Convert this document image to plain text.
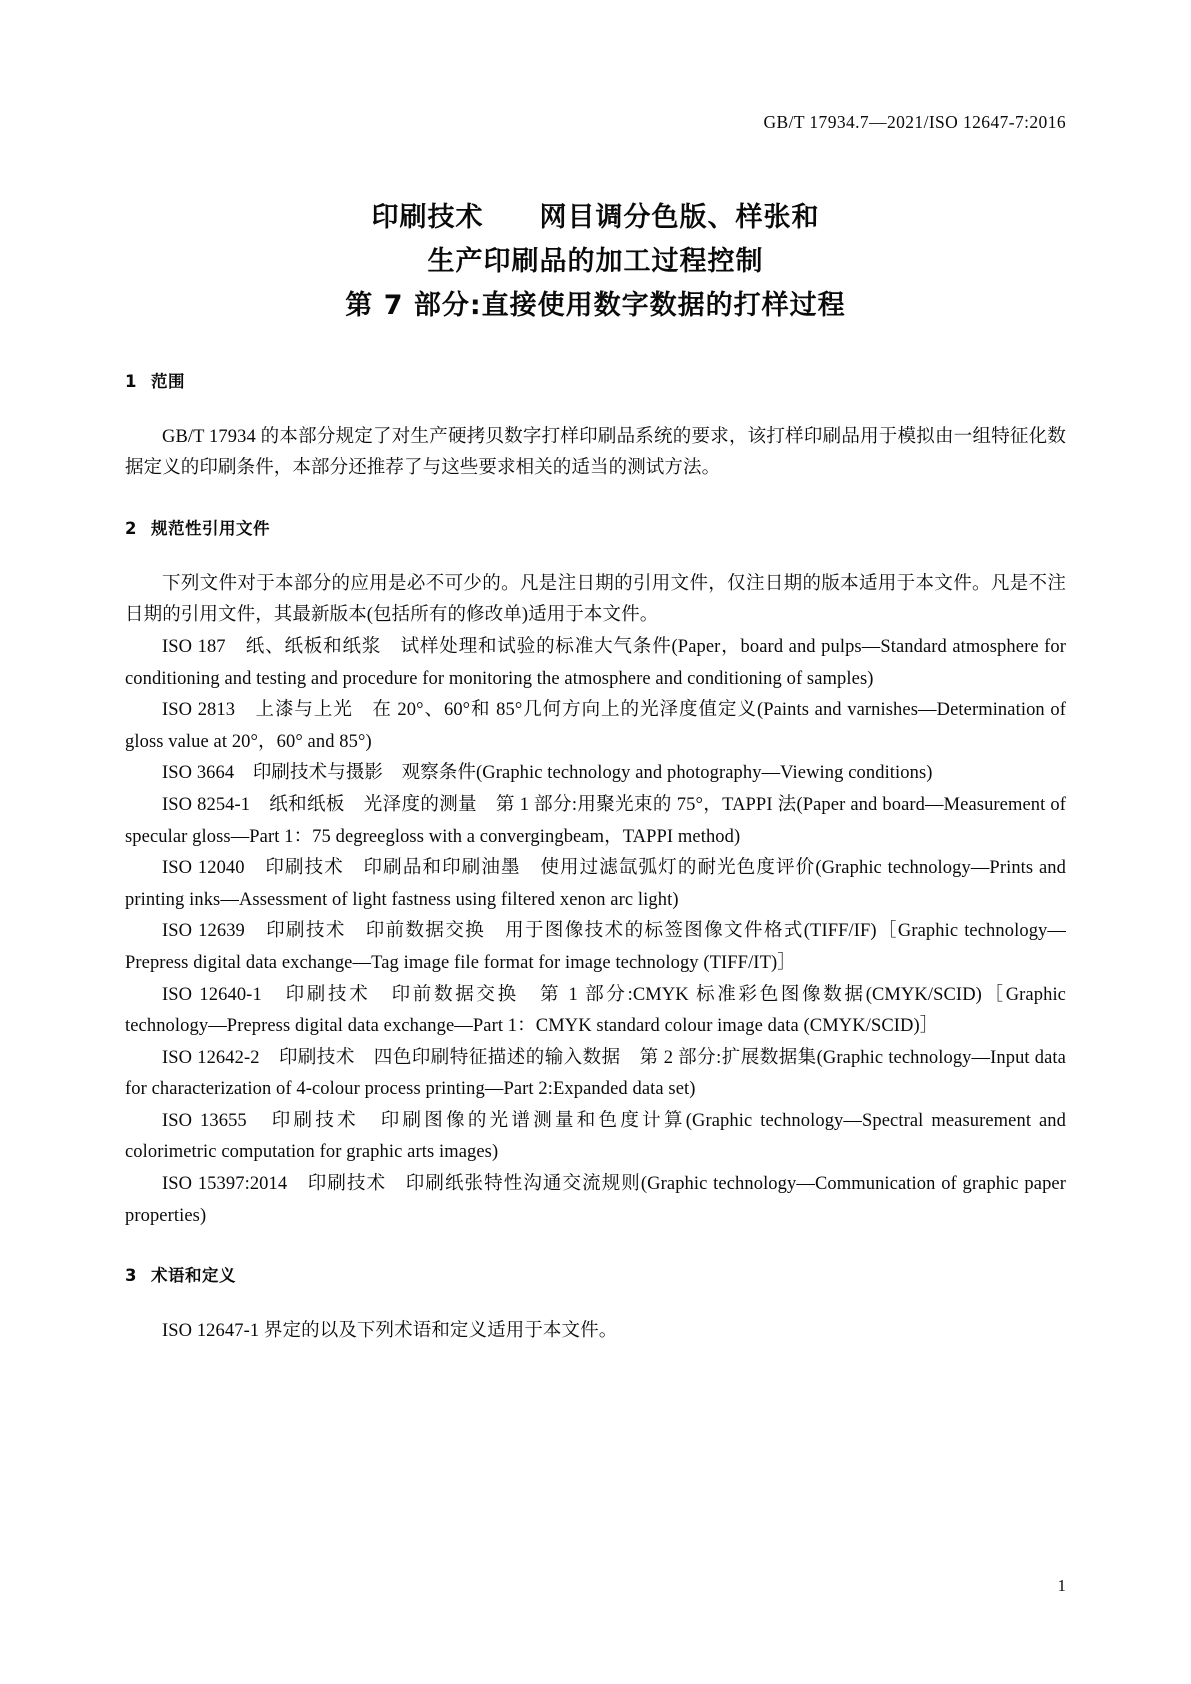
GB/T 17934.7—2021/ISO 12647-7:2016
印刷技术　　网目调分色版、样张和
生产印刷品的加工过程控制
第 7 部分:直接使用数字数据的打样过程
1 范围

GB/T 17934 的本部分规定了对生产硬拷贝数字打样印刷品系统的要求，该打样印刷品用于模拟由一组特征化数据定义的印刷条件，本部分还推荐了与这些要求相关的适当的测试方法。

2 规范性引用文件

下列文件对于本部分的应用是必不可少的。凡是注日期的引用文件，仅注日期的版本适用于本文件。凡是不注日期的引用文件，其最新版本(包括所有的修改单)适用于本文件。

ISO 187　纸、纸板和纸浆　试样处理和试验的标准大气条件(Paper，board and pulps—Standard atmosphere for conditioning and testing and procedure for monitoring the atmosphere and conditioning of samples)

ISO 2813　上漆与上光　在 20°、60°和 85°几何方向上的光泽度值定义(Paints and varnishes—Determination of gloss value at 20°，60° and 85°)

ISO 3664　印刷技术与摄影　观察条件(Graphic technology and photography—Viewing conditions)

ISO 8254-1　纸和纸板　光泽度的测量　第 1 部分:用聚光束的 75°，TAPPI 法(Paper and board—Measurement of specular gloss—Part 1：75 degreegloss with a convergingbeam，TAPPI method)

ISO 12040　印刷技术　印刷品和印刷油墨　使用过滤氙弧灯的耐光色度评价(Graphic technology—Prints and printing inks—Assessment of light fastness using filtered xenon arc light)

ISO 12639　印刷技术　印前数据交换　用于图像技术的标签图像文件格式(TIFF/IF)［Graphic technology—Prepress digital data exchange—Tag image file format for image technology (TIFF/IT)］

ISO 12640-1　印刷技术　印前数据交换　第 1 部分:CMYK 标准彩色图像数据(CMYK/SCID)［Graphic technology—Prepress digital data exchange—Part 1：CMYK standard colour image data (CMYK/SCID)］

ISO 12642-2　印刷技术　四色印刷特征描述的输入数据　第 2 部分:扩展数据集(Graphic technology—Input data for characterization of 4-colour process printing—Part 2:Expanded data set)

ISO 13655　印刷技术　印刷图像的光谱测量和色度计算(Graphic technology—Spectral measurement and colorimetric computation for graphic arts images)

ISO 15397:2014　印刷技术　印刷纸张特性沟通交流规则(Graphic technology—Communication of graphic paper properties)

3 术语和定义

ISO 12647-1 界定的以及下列术语和定义适用于本文件。

1
